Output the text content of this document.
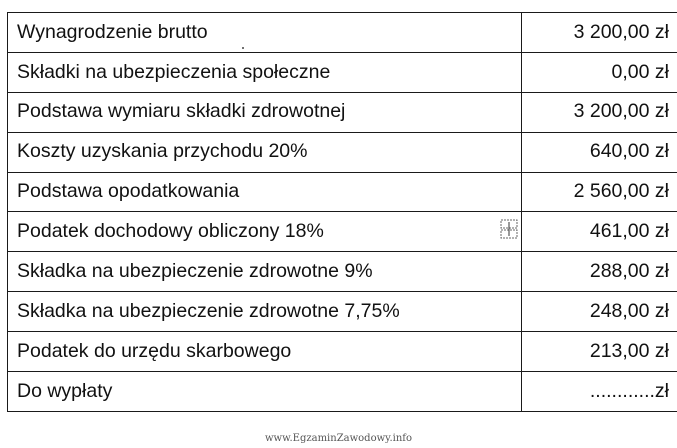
Wynagrodzenie brutto	3 200,00 zł
Składki na ubezpieczenia społeczne	0,00 zł
Podstawa wymiaru składki zdrowotnej	3 200,00 zł
Koszty uzyskania przychodu 20%	640,00 zł
Podstawa opodatkowania	2 560,00 zł
Podatek dochodowy obliczony 18%	461,00 zł
Składka na ubezpieczenie zdrowotne 9%	288,00 zł
Składka na ubezpieczenie zdrowotne 7,75%	248,00 zł
Podatek do urzędu skarbowego	213,00 zł
Do wypłaty	............zł
www.EgzaminZawodowy.info
